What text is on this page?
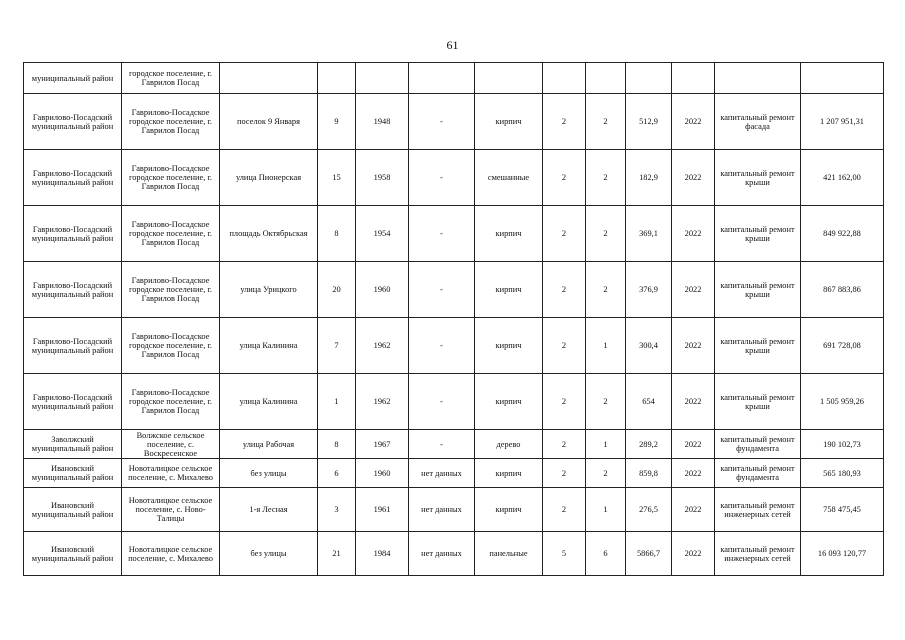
61
муниципальный район	городское поселение, г. Гаврилов Посад											
Гаврилово-Посадский муниципальный район	Гаврилово-Посадское городское поселение, г. Гаврилов Посад	поселок 9 Января	9	1948	-	кирпич	2	2	512,9	2022	капитальный ремонт фасада	1 207 951,31
Гаврилово-Посадский муниципальный район	Гаврилово-Посадское городское поселение, г. Гаврилов Посад	улица Пионерская	15	1958	-	смешанные	2	2	182,9	2022	капитальный ремонт крыши	421 162,00
Гаврилово-Посадский муниципальный район	Гаврилово-Посадское городское поселение, г. Гаврилов Посад	площадь Октябрьская	8	1954	-	кирпич	2	2	369,1	2022	капитальный ремонт крыши	849 922,88
Гаврилово-Посадский муниципальный район	Гаврилово-Посадское городское поселение, г. Гаврилов Посад	улица Урицкого	20	1960	-	кирпич	2	2	376,9	2022	капитальный ремонт крыши	867 883,86
Гаврилово-Посадский муниципальный район	Гаврилово-Посадское городское поселение, г. Гаврилов Посад	улица Калинина	7	1962	-	кирпич	2	1	300,4	2022	капитальный ремонт крыши	691 728,08
Гаврилово-Посадский муниципальный район	Гаврилово-Посадское городское поселение, г. Гаврилов Посад	улица Калинина	1	1962	-	кирпич	2	2	654	2022	капитальный ремонт крыши	1 505 959,26
Заволжский муниципальный район	Волжское сельское поселение, с. Воскресенское	улица Рабочая	8	1967	-	дерево	2	1	289,2	2022	капитальный ремонт фундамента	190 102,73
Ивановский муниципальный район	Новоталицкое сельское поселение, с. Михалево	без улицы	6	1960	нет данных	кирпич	2	2	859,8	2022	капитальный ремонт фундамента	565 180,93
Ивановский муниципальный район	Новоталицкое сельское поселение, с. Ново-Талицы	1-я Лесная	3	1961	нет данных	кирпич	2	1	276,5	2022	капитальный ремонт инженерных сетей	758 475,45
Ивановский муниципальный район	Новоталицкое сельское поселение, с. Михалево	без улицы	21	1984	нет данных	панельные	5	6	5866,7	2022	капитальный ремонт инженерных сетей	16 093 120,77
